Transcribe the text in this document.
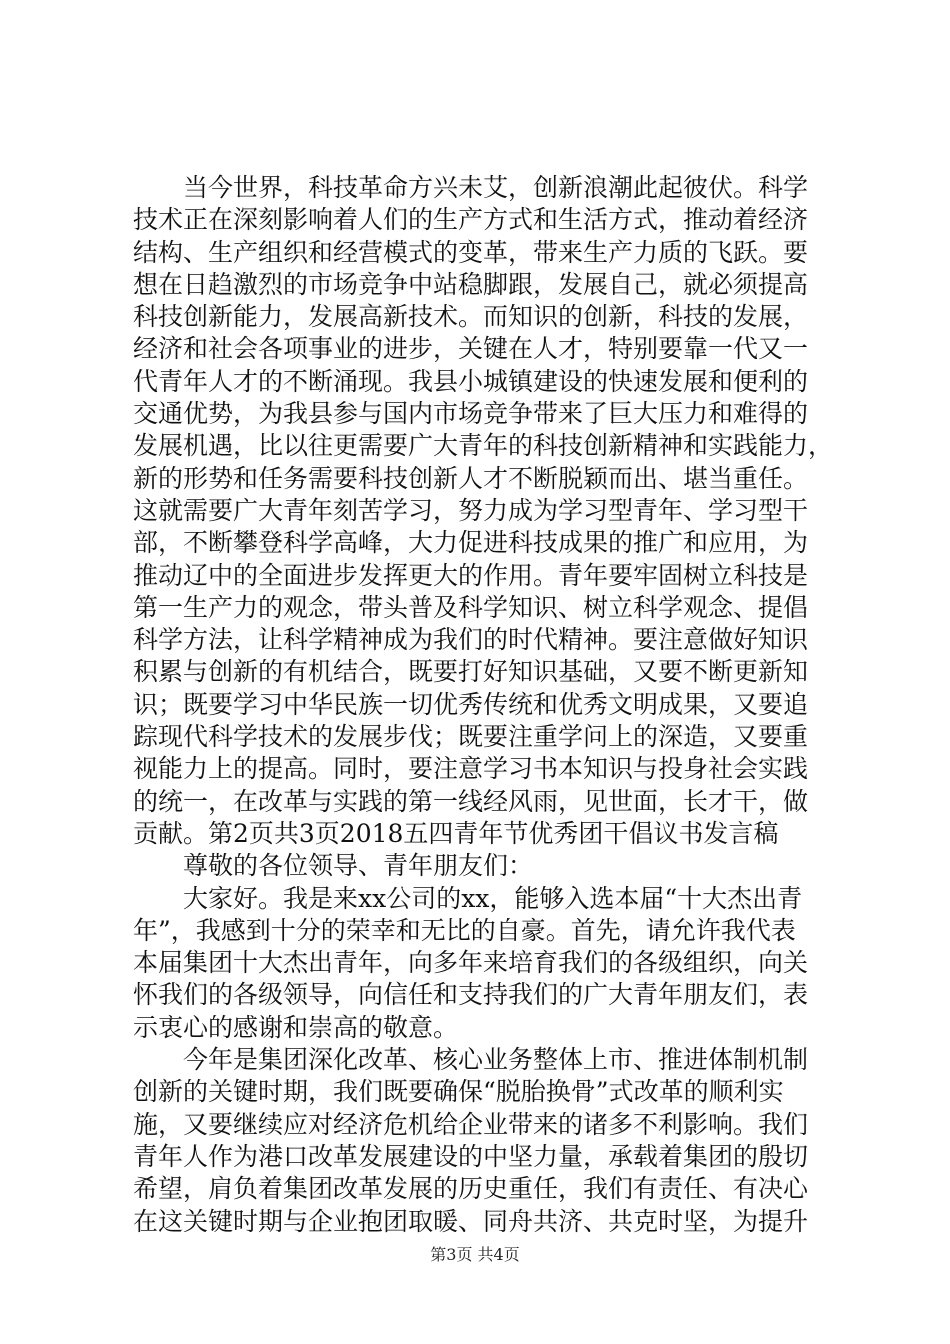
当今世界，科技革命方兴未艾，创新浪潮此起彼伏。科学
技术正在深刻影响着人们的生产方式和生活方式，推动着经济
结构、生产组织和经营模式的变革，带来生产力质的飞跃。要
想在日趋激烈的市场竞争中站稳脚跟，发展自己，就必须提高
科技创新能力，发展高新技术。而知识的创新，科技的发展，
经济和社会各项事业的进步，关键在人才，特别要靠一代又一
代青年人才的不断涌现。我县小城镇建设的快速发展和便利的
交通优势，为我县参与国内市场竞争带来了巨大压力和难得的
发展机遇，比以往更需要广大青年的科技创新精神和实践能力，
新的形势和任务需要科技创新人才不断脱颖而出、堪当重任。
这就需要广大青年刻苦学习，努力成为学习型青年、学习型干
部，不断攀登科学高峰，大力促进科技成果的推广和应用，为
推动辽中的全面进步发挥更大的作用。青年要牢固树立科技是
第一生产力的观念，带头普及科学知识、树立科学观念、提倡
科学方法，让科学精神成为我们的时代精神。要注意做好知识
积累与创新的有机结合，既要打好知识基础，又要不断更新知
识；既要学习中华民族一切优秀传统和优秀文明成果，又要追
踪现代科学技术的发展步伐；既要注重学问上的深造，又要重
视能力上的提高。同时，要注意学习书本知识与投身社会实践
的统一，在改革与实践的第一线经风雨，见世面，长才干，做
贡献。第2页共3页2018五四青年节优秀团干倡议书发言稿
尊敬的各位领导、青年朋友们：
大家好。我是来xx公司的xx，能够入选本届“十大杰出青
年”，我感到十分的荣幸和无比的自豪。首先，请允许我代表
本届集团十大杰出青年，向多年来培育我们的各级组织，向关
怀我们的各级领导，向信任和支持我们的广大青年朋友们，表
示衷心的感谢和崇高的敬意。
今年是集团深化改革、核心业务整体上市、推进体制机制
创新的关键时期，我们既要确保“脱胎换骨”式改革的顺利实
施，又要继续应对经济危机给企业带来的诸多不利影响。我们
青年人作为港口改革发展建设的中坚力量，承载着集团的殷切
希望，肩负着集团改革发展的历史重任，我们有责任、有决心
在这关键时期与企业抱团取暖、同舟共济、共克时坚，为提升
第3页 共4页
